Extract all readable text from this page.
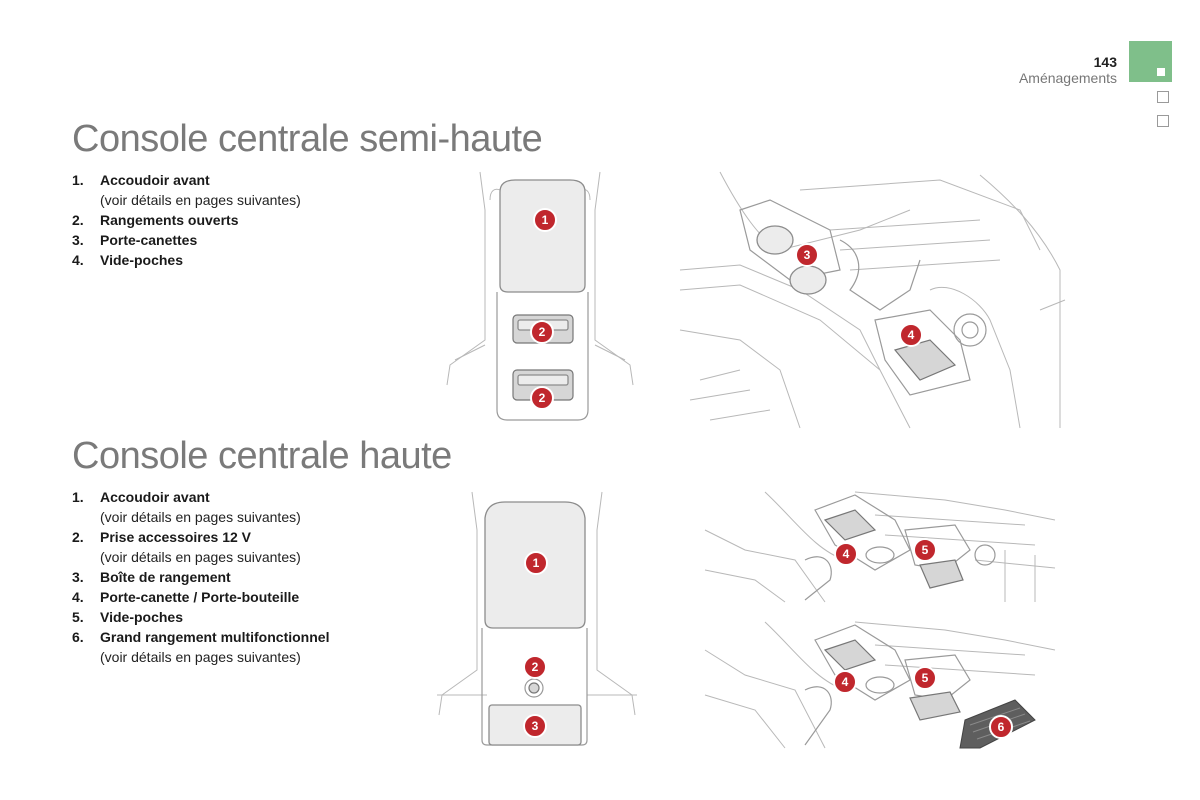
143
Aménagements
Console centrale semi-haute
1. Accoudoir avant
(voir détails en pages suivantes)
2. Rangements ouverts
3. Porte-canettes
4. Vide-poches
Console centrale haute
1. Accoudoir avant
(voir détails en pages suivantes)
2. Prise accessoires 12 V
(voir détails en pages suivantes)
3. Boîte de rangement
4. Porte-canette / Porte-bouteille
5. Vide-poches
6. Grand rangement multifonctionnel
(voir détails en pages suivantes)
1
2
2
3
4
1
2
3
4	5
4	5
6
